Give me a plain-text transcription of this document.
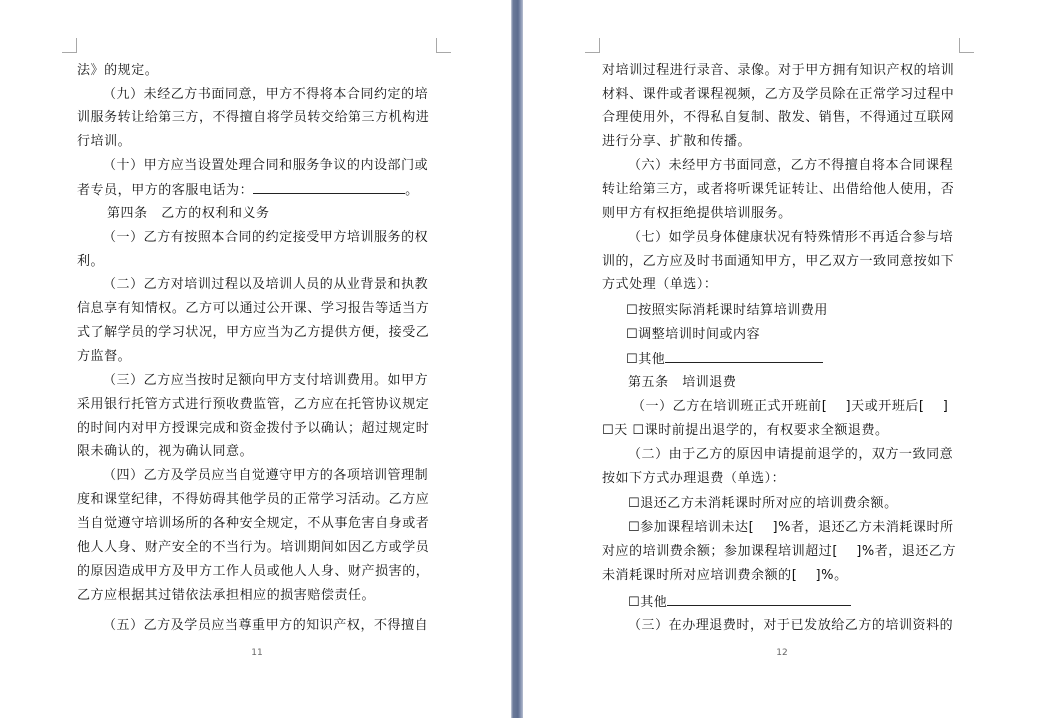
法》的规定。
（九）未经乙方书面同意，甲方不得将本合同约定的培
训服务转让给第三方，不得擅自将学员转交给第三方机构进
行培训。
（十）甲方应当设置处理合同和服务争议的内设部门或
者专员，甲方的客服电话为：	。
第四条　乙方的权利和义务
（一）乙方有按照本合同的约定接受甲方培训服务的权
利。
（二）乙方对培训过程以及培训人员的从业背景和执教
信息享有知情权。乙方可以通过公开课、学习报告等适当方
式了解学员的学习状况，甲方应当为乙方提供方便，接受乙
方监督。
（三）乙方应当按时足额向甲方支付培训费用。如甲方
采用银行托管方式进行预收费监管，乙方应在托管协议规定
的时间内对甲方授课完成和资金拨付予以确认；超过规定时
限未确认的，视为确认同意。
（四）乙方及学员应当自觉遵守甲方的各项培训管理制
度和课堂纪律，不得妨碍其他学员的正常学习活动。乙方应
当自觉遵守培训场所的各种安全规定，不从事危害自身或者
他人人身、财产安全的不当行为。培训期间如因乙方或学员
的原因造成甲方及甲方工作人员或他人人身、财产损害的，
乙方应根据其过错依法承担相应的损害赔偿责任。
（五）乙方及学员应当尊重甲方的知识产权，不得擅自
11
对培训过程进行录音、录像。对于甲方拥有知识产权的培训
材料、课件或者课程视频，乙方及学员除在正常学习过程中
合理使用外，不得私自复制、散发、销售，不得通过互联网
进行分享、扩散和传播。
（六）未经甲方书面同意，乙方不得擅自将本合同课程
转让给第三方，或者将听课凭证转让、出借给他人使用，否
则甲方有权拒绝提供培训服务。
（七）如学员身体健康状况有特殊情形不再适合参与培
训的，乙方应及时书面通知甲方，甲乙双方一致同意按如下
方式处理（单选）：
☐按照实际消耗课时结算培训费用
☐调整培训时间或内容
☐其他
第五条　培训退费
（一）乙方在培训班正式开班前[　 ]天或开班后[　 ]
☐天 ☐课时前提出退学的，有权要求全额退费。
（二）由于乙方的原因申请提前退学的，双方一致同意
按如下方式办理退费（单选）：
☐退还乙方未消耗课时所对应的培训费余额。
☐参加课程培训未达[　 ]%者，退还乙方未消耗课时所
对应的培训费余额；参加课程培训超过[　 ]%者，退还乙方
未消耗课时所对应培训费余额的[　 ]%。
☐其他
（三）在办理退费时，对于已发放给乙方的培训资料的
12
